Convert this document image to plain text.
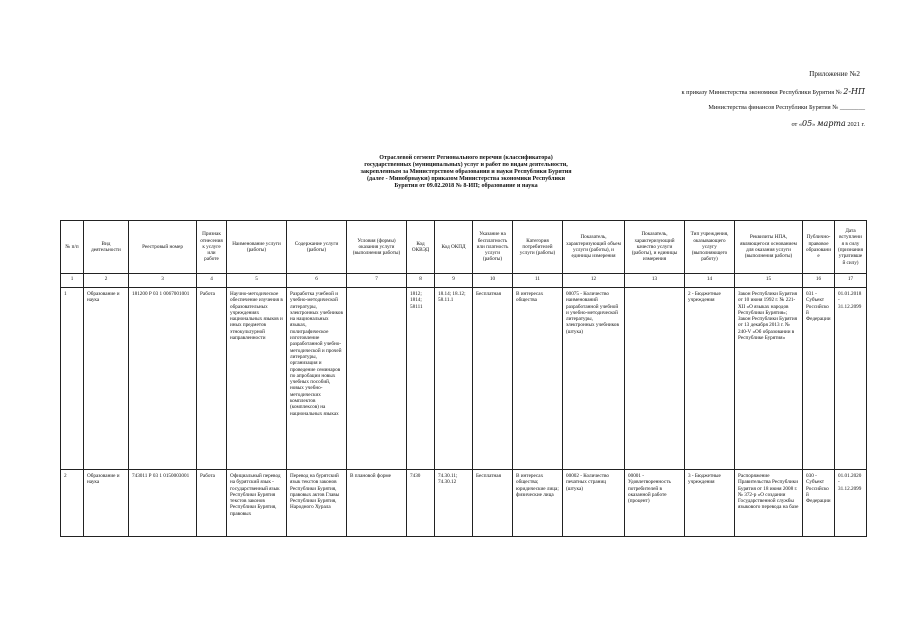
Приложение №2
к приказу Министерства экономики Республики Бурятия № 2-НП
Министерства финансов Республики Бурятия № ________
от «05» марта 2021 г.
Отраслевой сегмент Регионального перечня (классификатора) государственных (муниципальных) услуг и работ по видам деятельности, закрепленным за Министерством образования и науки Республики Бурятия (далее - Минобрнауки) приказом Министерства экономики Республики Бурятия от 09.02.2018 № 8-ИП; образование и наука
№ п/п	Вид деятельности	Реестровый номер	Признак отнесения к услуге или работе	Наименование услуги (работы)	Содержание услуги (работы)	Условия (формы) оказания услуги (выполнения работы)	Код ОКВЭД	Код ОКПД	Указание на бесплатность или платность услуги (работы)	Категория потребителей услуги (работы)	Показатель, характеризующий объем услуги (работы), и единицы измерения	Показатель, характеризующий качество услуги (работы), и единицы измерения	Тип учреждения, оказывающего услугу (выполняющего работу)	Реквизиты НПА, являющегося основанием для оказания услуги (выполнения работы)	Публично-правовое образование	Дата вступления в силу (признания утратившей силу)
1	2	3	4	5	6	7	8	9	10	11	12	13	14	15	16	17
1	Образование и наука	181200 Р 03 1 0067001001	Работа	Научно-методическое обеспечение изучения в образовательных учреждениях национальных языков и иных предметов этнокультурной направленности	Разработка учебной и учебно-методической литературы, электронных учебников на национальных языках, полиграфическое изготовление разработанной учебно-методической и прочей литературы, организация и проведение семинаров по апробации новых учебных пособий, новых учебно-методических комплектов (комплексов) на национальных языках		1812; 1814; 58111	18.14; 18.12; 58.11.1	Бесплатная	В интересах общества	00075 - Количество наименований разработанной учебной и учебно-методической литературы, электронных учебников (штука)		2 - Бюджетные учреждения	Закон Республики Бурятия от 10 июня 1992 г. № 221-XII «О языках народов Республики Бурятия»; Закон Республики Бурятия от 13 декабря 2013 г. № 240-V «Об образовании в Республике Бурятия»	031 - Субъект Российской Федерации	01.01.2018 - 31.12.2099
2	Образование и наука	743011 Р 03 1 0150003001	Работа	Официальный перевод на бурятский язык - государственный язык Республики Бурятия текстов законов Республики Бурятия, правовых	Перевод на бурятский язык текстов законов Республики Бурятия, правовых актов Главы Республики Бурятия, Народного Хурала	В плановой форме	7430	74.30.11; 74.30.12	Бесплатная	В интересах общества; юридические лица; физические лица	00002 - Количество печатных страниц (штука)	00001 - Удовлетворенность потребителей в оказанной работе (процент)	3 - Бюджетные учреждения	Распоряжение Правительства Республики Бурятия от 18 июня 2008 г. № 372-р «О создании Государственной службы языкового перевода на базе	030 - Субъект Российской Федерации	01.01.2020 - 31.12.2099
